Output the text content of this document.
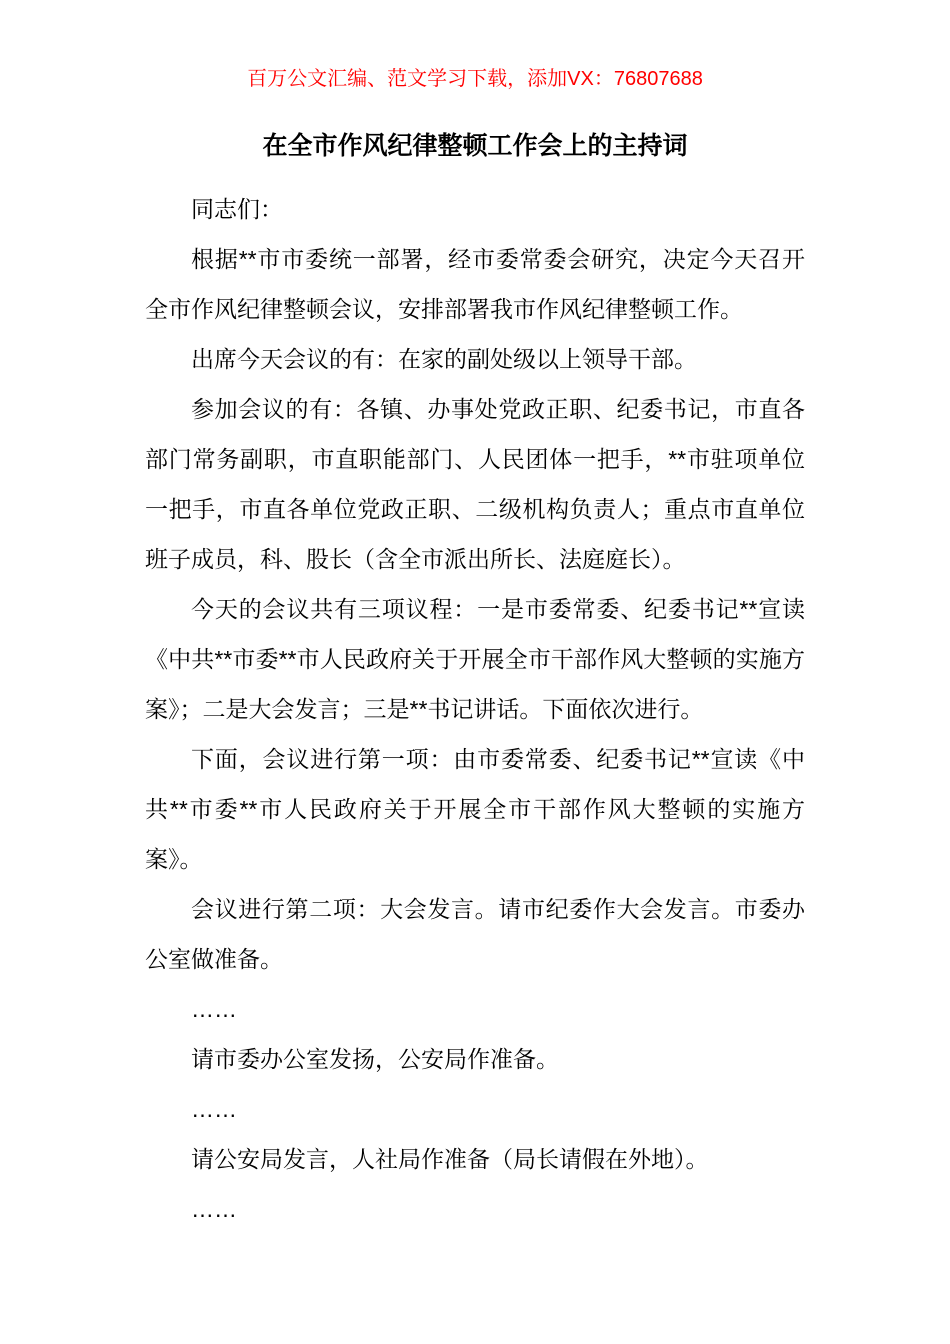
百万公文汇编、范文学习下载，添加VX：76807688
在全市作风纪律整顿工作会上的主持词

同志们：

根据**市市委统一部署，经市委常委会研究，决定今天召开全市作风纪律整顿会议，安排部署我市作风纪律整顿工作。

出席今天会议的有：在家的副处级以上领导干部。

参加会议的有：各镇、办事处党政正职、纪委书记，市直各部门常务副职，市直职能部门、人民团体一把手，**市驻项单位一把手，市直各单位党政正职、二级机构负责人；重点市直单位班子成员，科、股长（含全市派出所长、法庭庭长）。

今天的会议共有三项议程：一是市委常委、纪委书记**宣读《中共**市委**市人民政府关于开展全市干部作风大整顿的实施方案》；二是大会发言；三是**书记讲话。下面依次进行。

下面，会议进行第一项：由市委常委、纪委书记**宣读《中共**市委**市人民政府关于开展全市干部作风大整顿的实施方案》。

会议进行第二项：大会发言。请市纪委作大会发言。市委办公室做准备。

……

请市委办公室发扬，公安局作准备。

……

请公安局发言，人社局作准备（局长请假在外地）。

……
